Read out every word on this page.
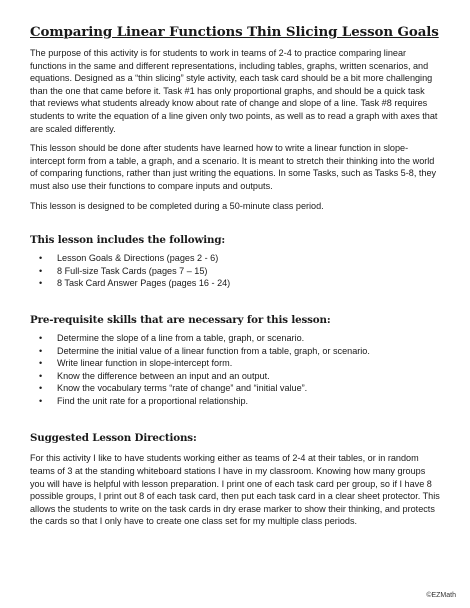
Comparing Linear Functions Thin Slicing Lesson Goals

The purpose of this activity is for students to work in teams of 2-4 to practice comparing linear functions in the same and different representations, including tables, graphs, written scenarios, and equations. Designed as a “thin slicing” style activity, each task card should be a bit more challenging than the one that came before it. Task #1 has only proportional graphs, and should be a quick task that reviews what students already know about rate of change and slope of a line. Task #8 requires students to write the equation of a line given only two points, as well as to read a graph with axes that are scaled differently.

This lesson should be done after students have learned how to write a linear function in slope-intercept form from a table, a graph, and a scenario. It is meant to stretch their thinking into the world of comparing functions, rather than just writing the equations. In some Tasks, such as Tasks 5-8, they must also use their functions to compare inputs and outputs.

This lesson is designed to be completed during a 50-minute class period.

This lesson includes the following:
• Lesson Goals & Directions (pages 2 - 6)
• 8 Full-size Task Cards (pages 7 – 15)
• 8 Task Card Answer Pages (pages 16 - 24)
Pre-requisite skills that are necessary for this lesson:
• Determine the slope of a line from a table, graph, or scenario.
• Determine the initial value of a linear function from a table, graph, or scenario.
• Write linear function in slope-intercept form.
• Know the difference between an input and an output.
• Know the vocabulary terms “rate of change” and “initial value”.
• Find the unit rate for a proportional relationship.
Suggested Lesson Directions:

For this activity I like to have students working either as teams of 2-4 at their tables, or in random teams of 3 at the standing whiteboard stations I have in my classroom. Knowing how many groups you will have is helpful with lesson preparation. I print one of each task card per group, so if I have 8 possible groups, I print out 8 of each task card, then put each task card in a clear sheet protector. This allows the students to write on the task cards in dry erase marker to show their thinking, and protects the cards so that I only have to create one class set for my multiple class periods.

©EZMath
